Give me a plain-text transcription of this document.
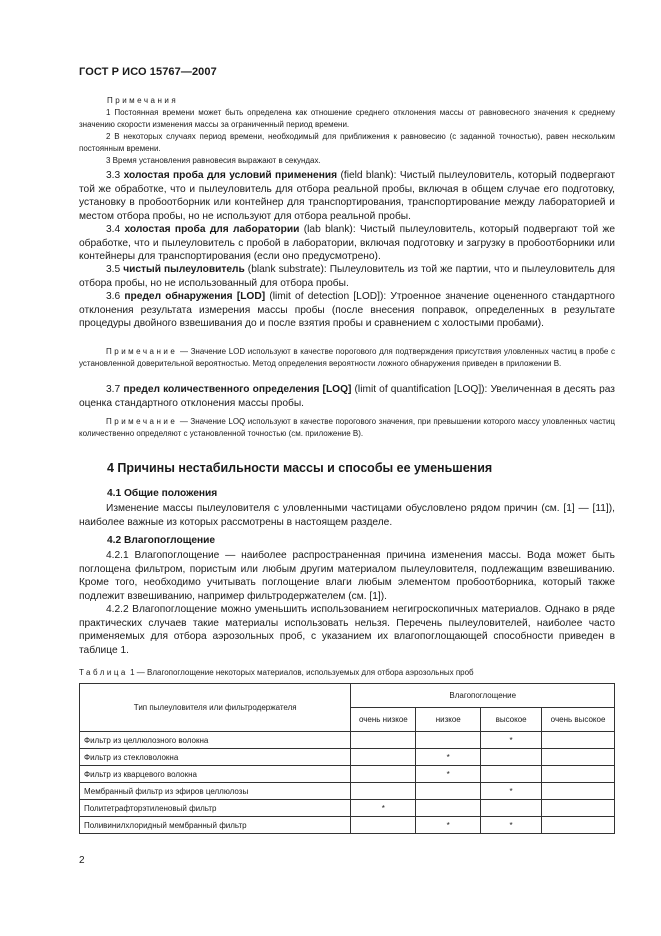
ГОСТ Р ИСО 15767—2007
Примечания

1 Постоянная времени может быть определена как отношение среднего отклонения массы от равновесного значения к среднему значению скорости изменения массы за ограниченный период времени.

2 В некоторых случаях период времени, необходимый для приближения к равновесию (с заданной точностью), равен нескольким постоянным времени.

3 Время установления равновесия выражают в секундах.

3.3 холостая проба для условий применения (field blank): Чистый пылеуловитель, который подвергают той же обработке, что и пылеуловитель для отбора реальной пробы, включая в общем случае его подготовку, установку в пробоотборник или контейнер для транспортирования, транспортирование между лабораторией и местом отбора пробы, но не используют для отбора реальной пробы.

3.4 холостая проба для лаборатории (lab blank): Чистый пылеуловитель, который подвергают той же обработке, что и пылеуловитель с пробой в лаборатории, включая подготовку и загрузку в пробоотборники или контейнеры для транспортирования (если оно предусмотрено).

3.5 чистый пылеуловитель (blank substrate): Пылеуловитель из той же партии, что и пылеуловитель для отбора пробы, но не использованный для отбора пробы.

3.6 предел обнаружения [LOD] (limit of detection [LOD]): Утроенное значение оцененного стандартного отклонения результата измерения массы пробы (после внесения поправок, определенных в результате процедуры двойного взвешивания до и после взятия пробы и сравнением с холостыми пробами).

Примечание — Значение LOD используют в качестве порогового для подтверждения присутствия уловленных частиц в пробе с установленной доверительной вероятностью. Метод определения вероятности ложного обнаружения приведен в приложении В.

3.7 предел количественного определения [LOQ] (limit of quantification [LOQ]): Увеличенная в десять раз оценка стандартного отклонения массы пробы.

Примечание — Значение LOQ используют в качестве порогового значения, при превышении которого массу уловленных частиц количественно определяют с установленной точностью (см. приложение В).

4 Причины нестабильности массы и способы ее уменьшения
4.1 Общие положения

Изменение массы пылеуловителя с уловленными частицами обусловлено рядом причин (см. [1] — [11]), наиболее важные из которых рассмотрены в настоящем разделе.

4.2 Влагопоглощение

4.2.1 Влагопоглощение — наиболее распространенная причина изменения массы. Вода может быть поглощена фильтром, пористым или любым другим материалом пылеуловителя, подлежащим взвешиванию. Кроме того, необходимо учитывать поглощение влаги любым элементом пробоотборника, который также подлежит взвешиванию, например фильтродержателем (см. [1]).

4.2.2 Влагопоглощение можно уменьшить использованием негигроскопичных материалов. Однако в ряде практических случаев такие материалы использовать нельзя. Перечень пылеуловителей, наиболее часто применяемых для отбора аэрозольных проб, с указанием их влагопоглощающей способности приведен в таблице 1.

Таблица 1 — Влагопоглощение некоторых материалов, используемых для отбора аэрозольных проб
Тип пылеуловителя или фильтродержателя	Влагопоглощение			
	очень низкое	низкое	высокое	очень высокое
Фильтр из целлюлозного волокна			*	
Фильтр из стекловолокна		*		
Фильтр из кварцевого волокна		*		
Мембранный фильтр из эфиров целлюлозы			*	
Политетрафторэтиленовый фильтр	*			
Поливинилхлоридный мембранный фильтр		*	*	
2
